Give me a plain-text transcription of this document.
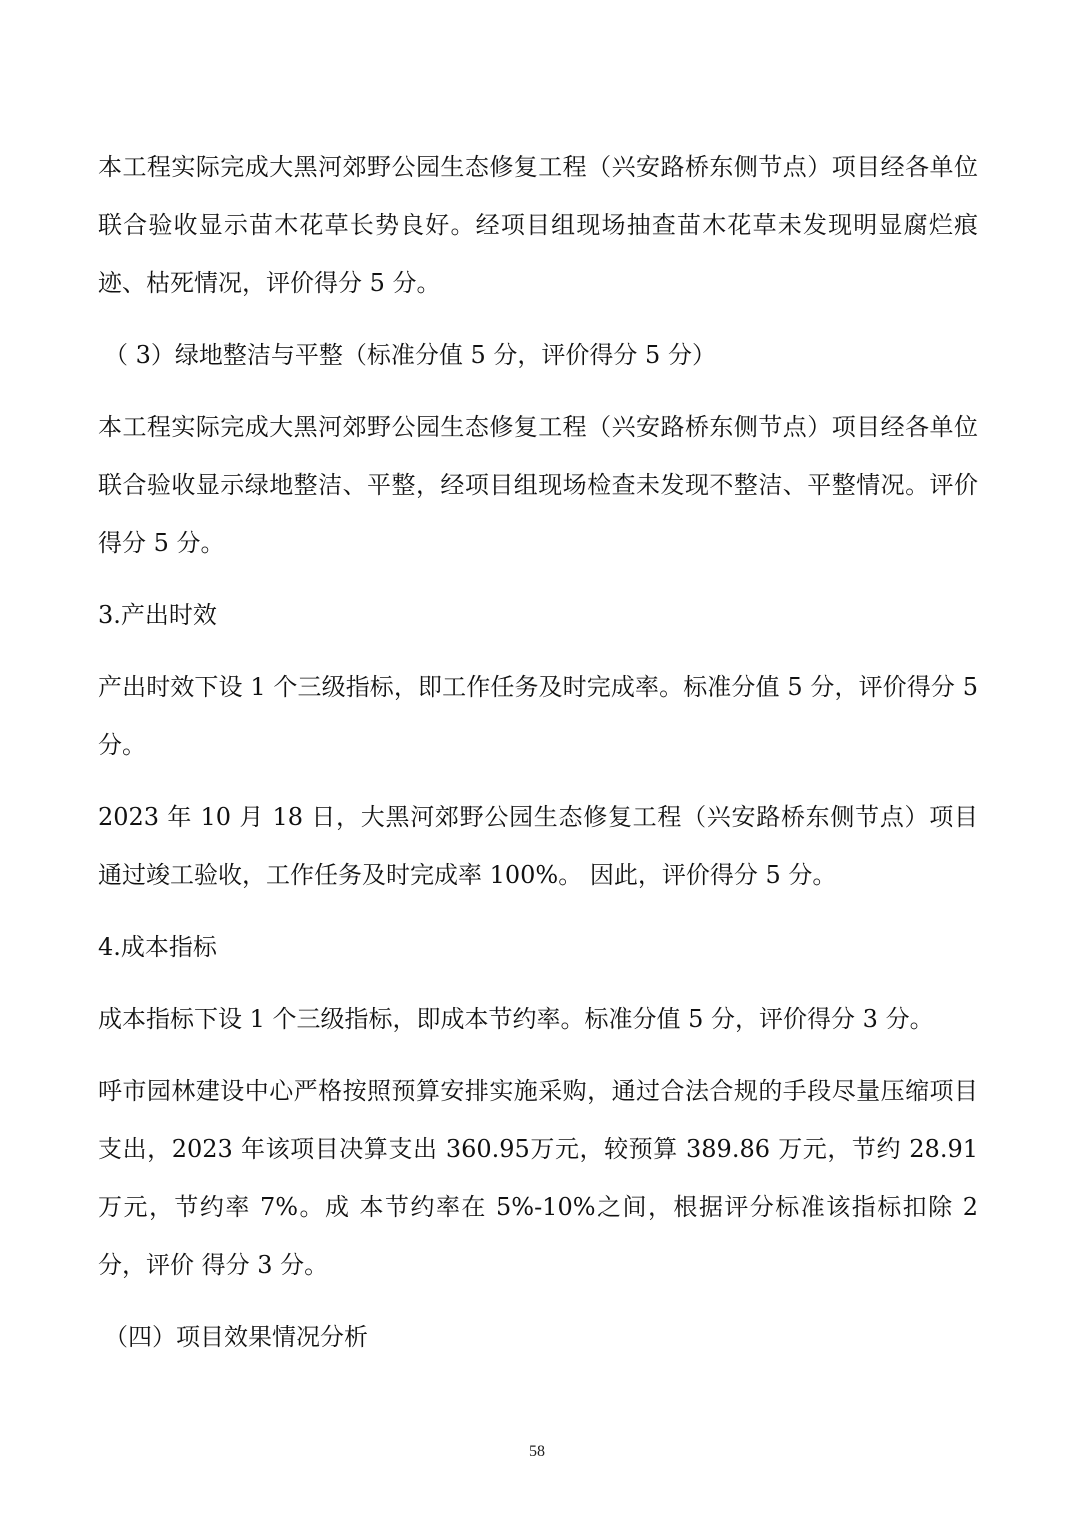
本工程实际完成大黑河郊野公园生态修复工程（兴安路桥东侧节点）项目经各单位联合验收显示苗木花草长势良好。经项目组现场抽查苗木花草未发现明显腐烂痕迹、枯死情况，评价得分 5 分。

（ 3）绿地整洁与平整（标准分值 5 分，评价得分 5 分）

本工程实际完成大黑河郊野公园生态修复工程（兴安路桥东侧节点）项目经各单位联合验收显示绿地整洁、平整，经项目组现场检查未发现不整洁、平整情况。评价得分 5 分。

3.产出时效

产出时效下设 1 个三级指标，即工作任务及时完成率。标准分值 5 分，评价得分 5 分。

2023 年 10 月 18 日，大黑河郊野公园生态修复工程（兴安路桥东侧节点）项目通过竣工验收，工作任务及时完成率 100%。 因此，评价得分 5 分。

4.成本指标

成本指标下设 1 个三级指标，即成本节约率。标准分值 5 分，评价得分 3 分。

呼市园林建设中心严格按照预算安排实施采购，通过合法合规的手段尽量压缩项目支出，2023 年该项目决算支出 360.95万元，较预算 389.86 万元，节约 28.91 万元，节约率 7%。成 本节约率在 5%-10%之间，根据评分标准该指标扣除 2 分，评价 得分 3 分。

（四）项目效果情况分析

58
